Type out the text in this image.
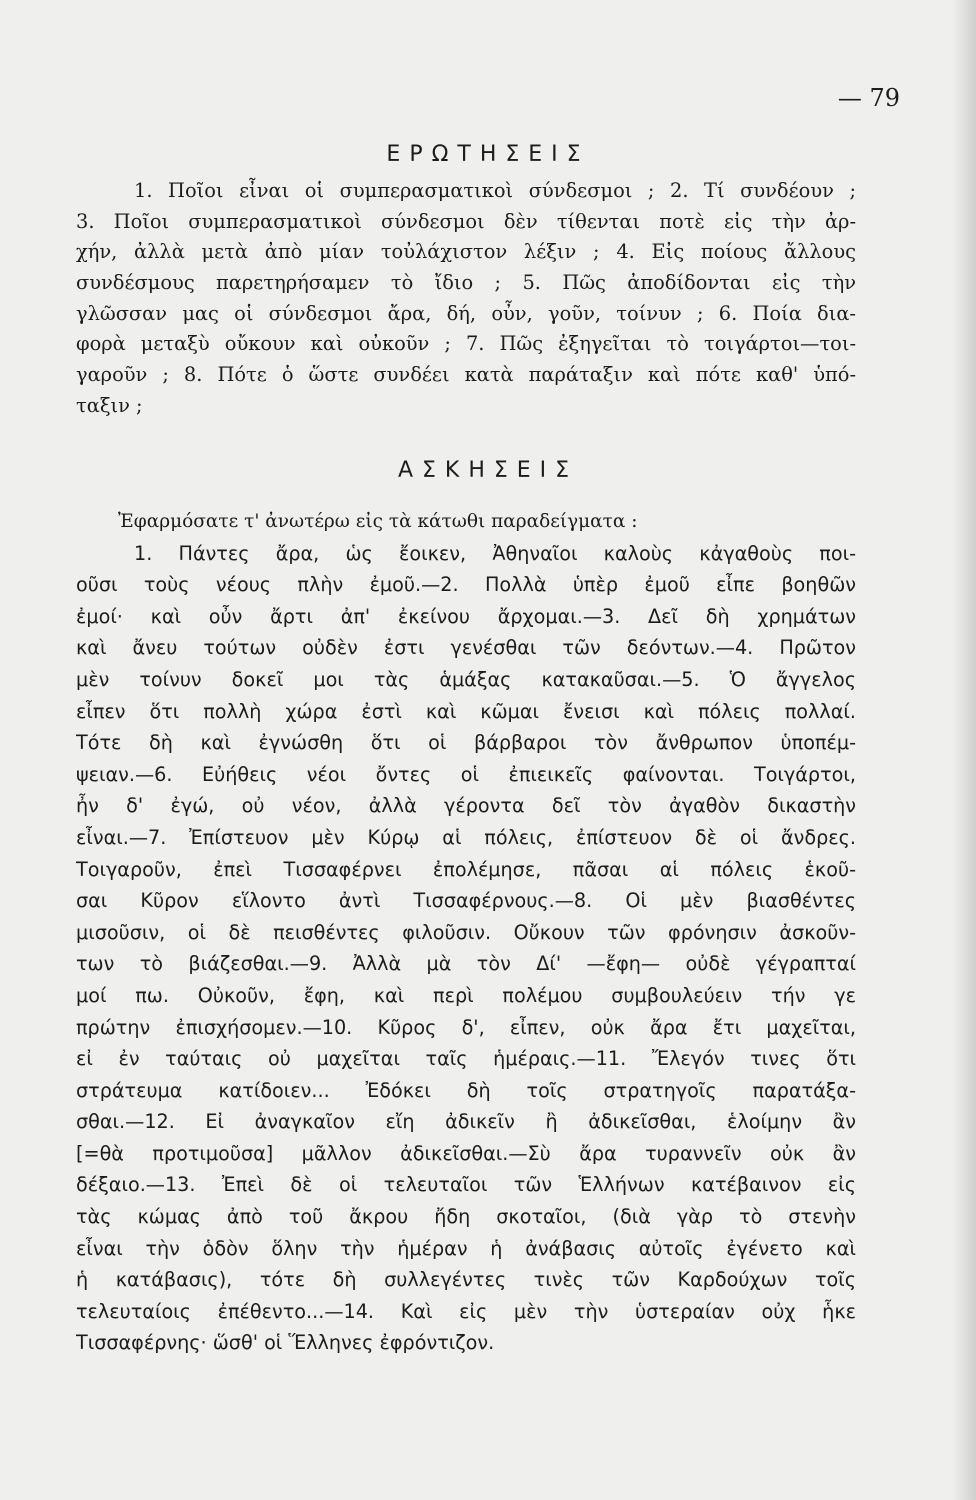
— 79
ΕΡΩΤΗΣΕΙΣ
1. Ποῖοι εἶναι οἱ συμπερασματικοὶ σύνδεσμοι ; 2. Τί συνδέουν ;
3. Ποῖοι συμπερασματικοὶ σύνδεσμοι δὲν τίθενται ποτὲ εἰς τὴν ἀρ-
χήν, ἀλλὰ μετὰ ἀπὸ μίαν τοὐλάχιστον λέξιν ; 4. Εἰς ποίους ἄλλους
συνδέσμους παρετηρήσαμεν τὸ ἴδιο ; 5. Πῶς ἀποδίδονται εἰς τὴν
γλῶσσαν μας οἱ σύνδεσμοι ἄρα, δή, οὖν, γοῦν, τοίνυν ; 6. Ποία δια-
φορὰ μεταξὺ οὔκουν καὶ οὐκοῦν ; 7. Πῶς ἐξηγεῖται τὸ τοιγάρτοι—τοι-
γαροῦν ; 8. Πότε ὁ ὥστε συνδέει κατὰ παράταξιν καὶ πότε καθ' ὑπό-
ταξιν ;
ΑΣΚΗΣΕΙΣ
Ἐφαρμόσατε τ' ἀνωτέρω εἰς τὰ κάτωθι παραδείγματα :
1. Πάντες ἄρα, ὡς ἔοικεν, Ἀθηναῖοι καλοὺς κἀγαθοὺς ποι-
οῦσι τοὺς νέους πλὴν ἐμοῦ.—2. Πολλὰ ὑπὲρ ἐμοῦ εἶπε βοηθῶν
ἐμοί· καὶ οὖν ἄρτι ἀπ' ἐκείνου ἄρχομαι.—3. Δεῖ δὴ χρημάτων
καὶ ἄνευ τούτων οὐδὲν ἐστι γενέσθαι τῶν δεόντων.—4. Πρῶτον
μὲν τοίνυν δοκεῖ μοι τὰς ἁμάξας κατακαῦσαι.—5. Ὁ ἄγγελος
εἶπεν ὅτι πολλὴ χώρα ἐστὶ καὶ κῶμαι ἔνεισι καὶ πόλεις πολλαί.
Τότε δὴ καὶ ἐγνώσθη ὅτι οἱ βάρβαροι τὸν ἄνθρωπον ὑποπέμ-
ψειαν.—6. Εὐήθεις νέοι ὄντες οἱ ἐπιεικεῖς φαίνονται. Τοιγάρτοι,
ἦν δ' ἐγώ, οὐ νέον, ἀλλὰ γέροντα δεῖ τὸν ἀγαθὸν δικαστὴν
εἶναι.—7. Ἐπίστευον μὲν Κύρῳ αἱ πόλεις, ἐπίστευον δὲ οἱ ἄνδρες.
Τοιγαροῦν, ἐπεὶ Τισσαφέρνει ἐπολέμησε, πᾶσαι αἱ πόλεις ἑκοῦ-
σαι Κῦρον εἵλοντο ἀντὶ Τισσαφέρνους.—8. Οἱ μὲν βιασθέντες
μισοῦσιν, οἱ δὲ πεισθέντες φιλοῦσιν. Οὔκουν τῶν φρόνησιν ἀσκοῦν-
των τὸ βιάζεσθαι.—9. Ἀλλὰ μὰ τὸν Δί' —ἔφη— οὐδὲ γέγραπταί
μοί πω. Οὐκοῦν, ἔφη, καὶ περὶ πολέμου συμβουλεύειν τήν γε
πρώτην ἐπισχήσομεν.—10. Κῦρος δ', εἶπεν, οὐκ ἄρα ἔτι μαχεῖται,
εἰ ἐν ταύταις οὐ μαχεῖται ταῖς ἡμέραις.—11. Ἔλεγόν τινες ὅτι
στράτευμα κατίδοιεν... Ἐδόκει δὴ τοῖς στρατηγοῖς παρατάξα-
σθαι.—12. Εἰ ἀναγκαῖον εἴη ἀδικεῖν ἢ ἀδικεῖσθαι, ἑλοίμην ἂν
[=θὰ προτιμοῦσα] μᾶλλον ἀδικεῖσθαι.—Σὺ ἄρα τυραννεῖν οὐκ ἂν
δέξαιο.—13. Ἐπεὶ δὲ οἱ τελευταῖοι τῶν Ἑλλήνων κατέβαινον εἰς
τὰς κώμας ἀπὸ τοῦ ἄκρου ἤδη σκοταῖοι, (διὰ γὰρ τὸ στενὴν
εἶναι τὴν ὁδὸν ὅλην τὴν ἡμέραν ἡ ἀνάβασις αὐτοῖς ἐγένετο καὶ
ἡ κατάβασις), τότε δὴ συλλεγέντες τινὲς τῶν Καρδούχων τοῖς
τελευταίοις ἐπέθεντο...—14. Καὶ εἰς μὲν τὴν ὑστεραίαν οὐχ ἧκε
Τισσαφέρνης· ὥσθ' οἱ Ἕλληνες ἐφρόντιζον.
